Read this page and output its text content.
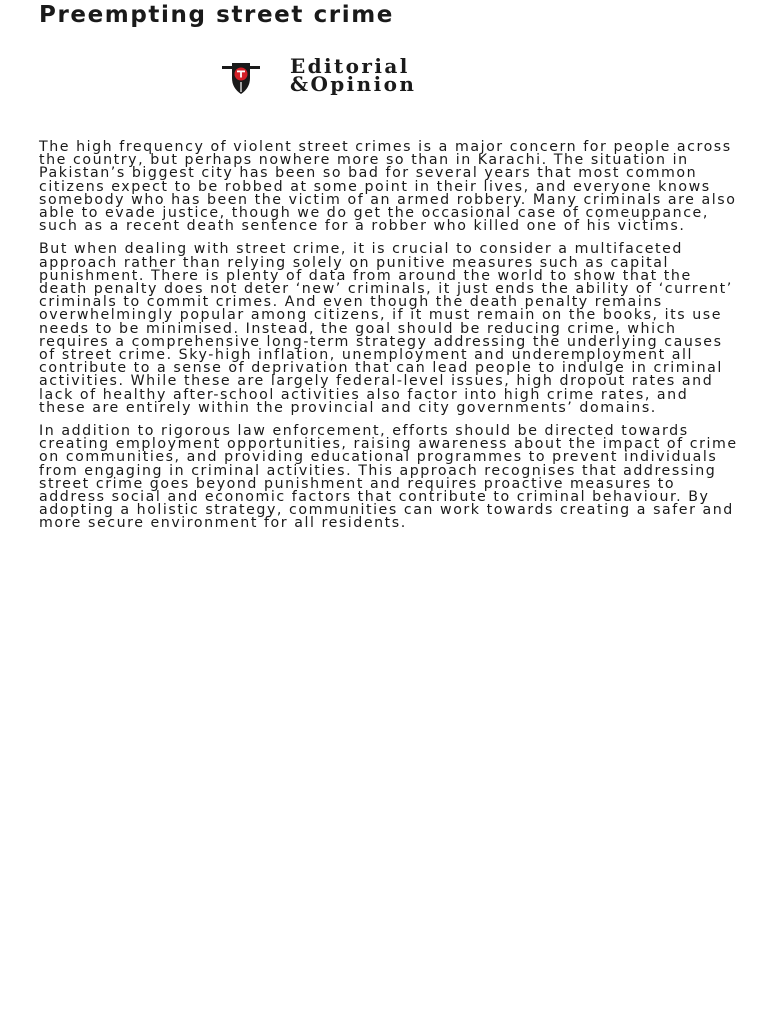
Preempting street crime
Editorial
&Opinion

The high frequency of violent street crimes is a major concern for people across the country, but perhaps nowhere more so than in Karachi. The situation in Pakistan’s biggest city has been so bad for several years that most common citizens expect to be robbed at some point in their lives, and everyone knows somebody who has been the victim of an armed robbery. Many criminals are also able to evade justice, though we do get the occasional case of comeuppance, such as a recent death sentence for a robber who killed one of his victims.

But when dealing with street crime, it is crucial to consider a multifaceted approach rather than relying solely on punitive measures such as capital punishment. There is plenty of data from around the world to show that the death penalty does not deter ‘new’ criminals, it just ends the ability of ‘current’ criminals to commit crimes. And even though the death penalty remains overwhelmingly popular among citizens, if it must remain on the books, its use needs to be minimised. Instead, the goal should be reducing crime, which requires a comprehensive long-term strategy addressing the underlying causes of street crime. Sky-high inflation, unemployment and underemployment all contribute to a sense of deprivation that can lead people to indulge in criminal activities. While these are largely federal-level issues, high dropout rates and lack of healthy after-school activities also factor into high crime rates, and these are entirely within the provincial and city governments’ domains.

In addition to rigorous law enforcement, efforts should be directed towards creating employment opportunities, raising awareness about the impact of crime on communities, and providing educational programmes to prevent individuals from engaging in criminal activities. This approach recognises that addressing street crime goes beyond punishment and requires proactive measures to address social and economic factors that contribute to criminal behaviour. By adopting a holistic strategy, communities can work towards creating a safer and more secure environment for all residents.
